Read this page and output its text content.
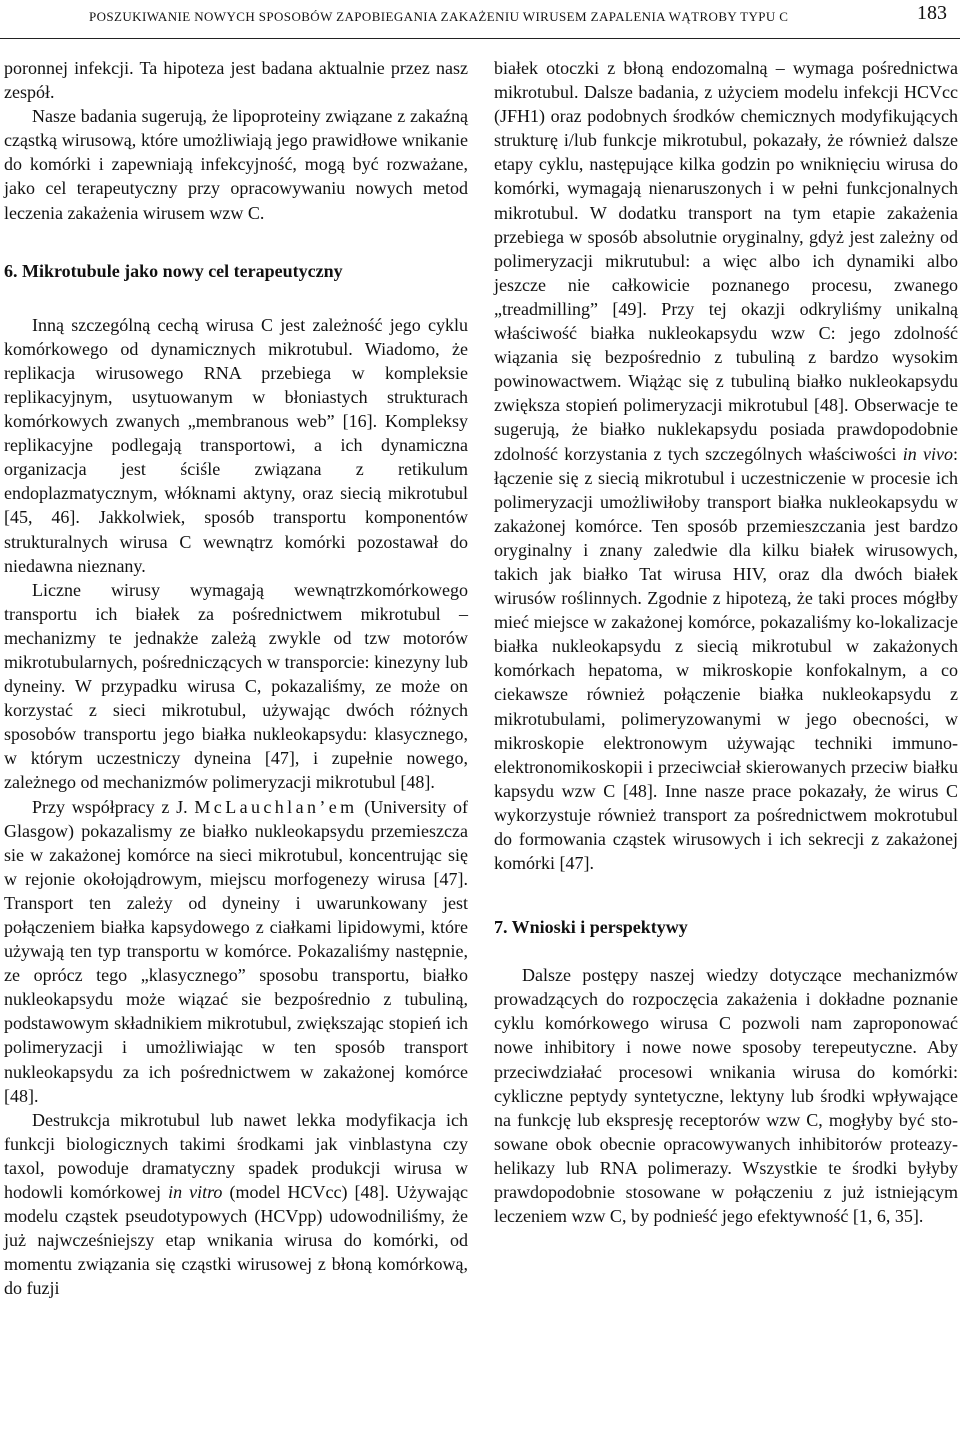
POSZUKIWANIE NOWYCH SPOSOBÓW ZAPOBIEGANIA ZAKAŻENIU WIRUSEM ZAPALENIA WĄTROBY TYPU C	183

poronnej infekcji. Ta hipoteza jest badana aktualnie przez nasz zespół.

Nasze badania sugerują, że lipoproteiny związane z zakaźną cząstką wirusową, które umożliwiają jego prawidłowe wnikanie do komórki i zapewniają infekcyjność, mogą być rozważane, jako cel terapeutyczny przy opracowywaniu nowych metod leczenia zakażenia wirusem wzw C.

6. Mikrotubule jako nowy cel terapeutyczny

Inną szczególną cechą wirusa C jest zależność jego cyklu komórkowego od dynamicznych mikrotubul. Wiadomo, że replikacja wirusowego RNA przebiega w kompleksie replikacyjnym, usytuowanym w błoniastych strukturach komórkowych zwanych „membranous web” [16]. Kompleksy replikacyjne podlegają transportowi, a ich dynamiczna organizacja jest ściśle związana z retikulum endoplazmatycznym, włóknami aktyny, oraz siecią mikrotubul [45, 46]. Jakkolwiek, sposób transportu komponentów strukturalnych wirusa C wewnątrz komórki pozostawał do niedawna nieznany.

Liczne wirusy wymagają wewnątrzkomórkowego transportu ich białek za pośrednictwem mikrotubul – mechanizmy te jednakże zależą zwykle od tzw motorów mikrotubularnych, pośredniczących w transporcie: kinezyny lub dyneiny. W przypadku wirusa C, pokazaliśmy, ze może on korzystać z sieci mikrotubul, używając dwóch różnych sposobów transportu jego białka nukleokapsydu: klasycznego, w którym uczestniczy dyneina [47], i zupełnie nowego, zależnego od mechanizmów polimeryzacji mikrotubul [48].

Przy współpracy z J. McLauchlan’em (University of Glasgow) pokazalismy ze białko nukleokapsydu przemieszcza sie w zakażonej komórce na sieci mikrotubul, koncentrując się w rejonie okołojądrowym, miejscu morfogenezy wirusa [47]. Transport ten zależy od dyneiny i uwarunkowany jest połączeniem białka kapsydowego z ciałkami lipidowymi, które używają ten typ transportu w komórce. Pokazaliśmy następnie, ze oprócz tego „klasycznego” sposobu transportu, białko nukleokapsydu może wiązać sie bezpośrednio z tubuliną, podstawowym składnikiem mikrotubul, zwiększając stopień ich polimeryzacji i umożliwiając w ten sposób transport nukleokapsydu za ich pośrednictwem w zakażonej komórce [48].

Destrukcja mikrotubul lub nawet lekka modyfikacja ich funkcji biologicznych takimi środkami jak vinblastyna czy taxol, powoduje dramatyczny spadek produkcji wirusa w hodowli komórkowej in vitro (model HCVcc) [48]. Używając modelu cząstek pseudotypowych (HCVpp) udowodniliśmy, że już najwcześniejszy etap wnikania wirusa do komórki, od momentu związania się cząstki wirusowej z błoną komórkową, do fuzji

białek otoczki z błoną endozomalną – wymaga pośrednictwa mikrotubul. Dalsze badania, z użyciem modelu infekcji HCVcc (JFH1) oraz podobnych środków chemicznych modyfikujących strukturę i/lub funkcje mikrotubul, pokazały, że również dalsze etapy cyklu, następujące kilka godzin po wniknięciu wirusa do komórki, wymagają nienaruszonych i w pełni funkcjonalnych mikrotubul. W dodatku transport na tym etapie zakażenia przebiega w sposób absolutnie oryginalny, gdyż jest zależny od polimeryzacji mikrutubul: a więc albo ich dynamiki albo jeszcze nie całkowicie poznanego procesu, zwanego „treadmilling” [49]. Przy tej okazji odkryliśmy unikalną właściwość białka nukleokapsydu wzw C: jego zdolność wiązania się bezpośrednio z tubuliną z bardzo wysokim powinowactwem. Wiążąc się z tubuliną białko nukleokapsydu zwiększa stopień polimeryzacji mikrotubul [48]. Obserwacje te sugerują, że białko nuklekapsydu posiada prawdopodobnie zdolność korzystania z tych szczególnych właściwości in vivo: łączenie się z siecią mikrotubul i uczestniczenie w procesie ich polimeryzacji umożliwiłoby transport białka nukleokapsydu w zakażonej komórce. Ten sposób przemieszczania jest bardzo oryginalny i znany zaledwie dla kilku białek wirusowych, takich jak białko Tat wirusa HIV, oraz dla dwóch białek wirusów roślinnych. Zgodnie z hipotezą, że taki proces mógłby mieć miejsce w zakażonej komórce, pokazaliśmy ko-lokalizacje białka nukleokapsydu z siecią mikrotubul w zakażonych komórkach hepatoma, w mikroskopie konfokalnym, a co ciekawsze również połączenie białka nukleokapsydu z mikrotubulami, polimeryzowanymi w jego obecności, w mikroskopie elektronowym używając techniki immuno-elektronomikoskopii i przeciwciał skierowanych przeciw białku kapsydu wzw C [48]. Inne nasze prace pokazały, że wirus C wykorzystuje również transport za pośrednictwem mokrotubul do formowania cząstek wirusowych i ich sekrecji z zakażonej komórki [47].

7. Wnioski i perspektywy

Dalsze postępy naszej wiedzy dotyczące mechanizmów prowadzących do rozpoczęcia zakażenia i dokładne poznanie cyklu komórkowego wirusa C pozwoli nam zaproponować nowe inhibitory i nowe nowe sposoby terepeutyczne. Aby przeciwdziałać procesowi wnikania wirusa do komórki: cykliczne peptydy syntetyczne, lektyny lub środki wpływające na funkcję lub ekspresję receptorów wzw C, mogłyby być stosowane obok obecnie opracowywanych inhibitorów proteazy-helikazy lub RNA polimerazy. Wszystkie te środki byłyby prawdopodobnie stosowane w połączeniu z już istniejącym leczeniem wzw C, by podnieść jego efektywność [1, 6, 35].
